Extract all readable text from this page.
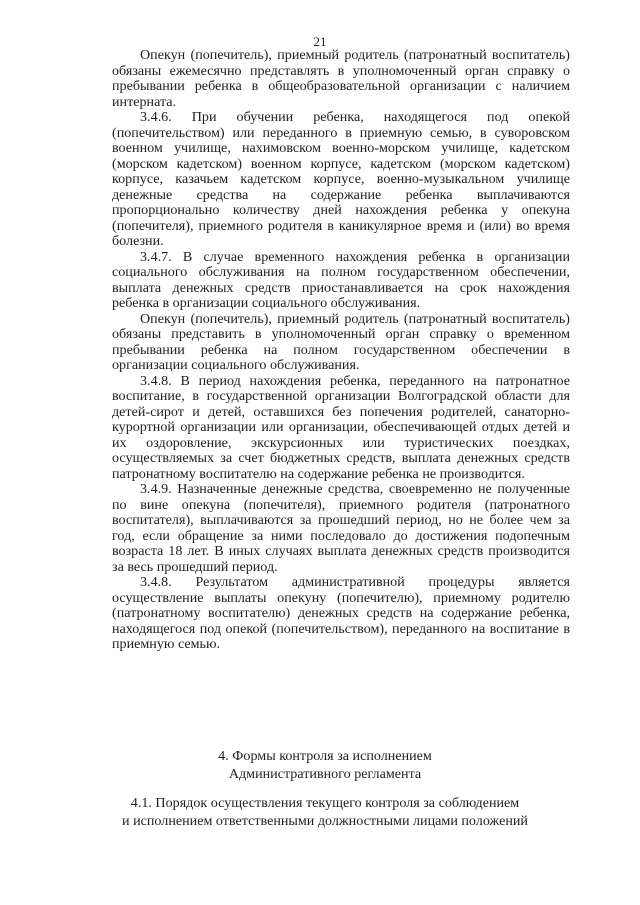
21

Опекун (попечитель), приемный родитель (патронатный воспитатель) обязаны ежемесячно представлять в уполномоченный орган справку о пребывании ребенка в общеобразовательной организации с наличием интерната.

3.4.6. При обучении ребенка, находящегося под опекой (попечительством) или переданного в приемную семью, в суворовском военном училище, нахимовском военно-морском училище, кадетском (морском кадетском) военном корпусе, кадетском (морском кадетском) корпусе, казачьем кадетском корпусе, военно-музыкальном училище денежные средства на содержание ребенка выплачиваются пропорционально количеству дней нахождения ребенка у опекуна (попечителя), приемного родителя в каникулярное время и (или) во время болезни.

3.4.7. В случае временного нахождения ребенка в организации социального обслуживания на полном государственном обеспечении, выплата денежных средств приостанавливается на срок нахождения ребенка в организации социального обслуживания.

Опекун (попечитель), приемный родитель (патронатный воспитатель) обязаны представить в уполномоченный орган справку о временном пребывании ребенка на полном государственном обеспечении в организации социального обслуживания.

3.4.8. В период нахождения ребенка, переданного на патронатное воспитание, в государственной организации Волгоградской области для детей-сирот и детей, оставшихся без попечения родителей, санаторно-курортной организации или организации, обеспечивающей отдых детей и их оздоровление, экскурсионных или туристических поездках, осуществляемых за счет бюджетных средств, выплата денежных средств патронатному воспитателю на содержание ребенка не производится.

3.4.9. Назначенные денежные средства, своевременно не полученные по вине опекуна (попечителя), приемного родителя (патронатного воспитателя), выплачиваются за прошедший период, но не более чем за год, если обращение за ними последовало до достижения подопечным возраста 18 лет. В иных случаях выплата денежных средств производится за весь прошедший период.

3.4.8. Результатом административной процедуры является осуществление выплаты опекуну (попечителю), приемному родителю (патронатному воспитателю) денежных средств на содержание ребенка, находящегося под опекой (попечительством), переданного на воспитание в приемную семью.

4. Формы контроля за исполнением

Административного регламента

4.1. Порядок осуществления текущего контроля за соблюдением

и исполнением ответственными должностными лицами положений
